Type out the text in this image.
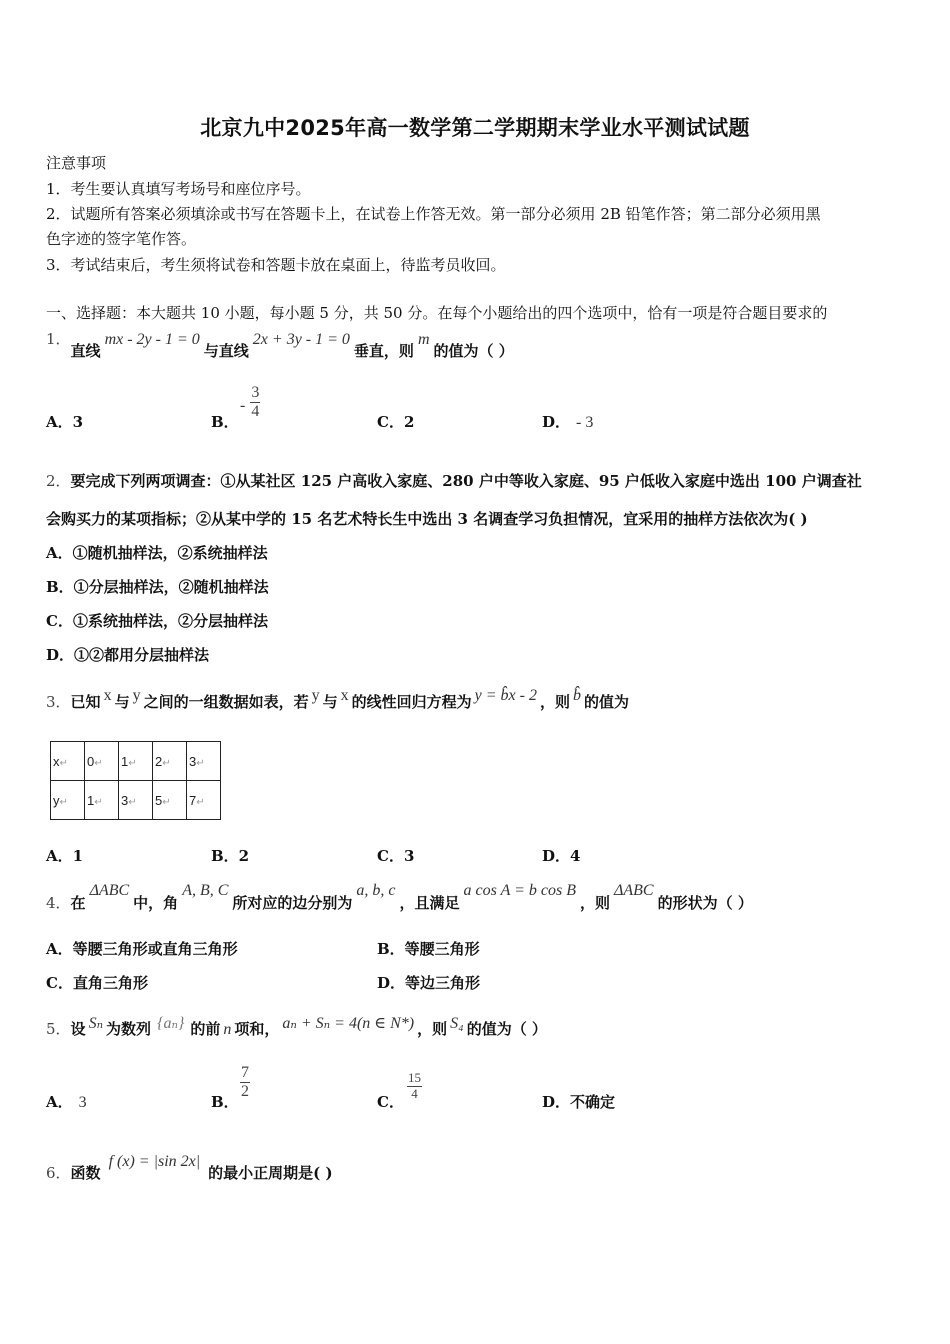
北京九中2025年高一数学第二学期期末学业水平测试试题
注意事项
1．考生要认真填写考场号和座位序号。
2．试题所有答案必须填涂或书写在答题卡上，在试卷上作答无效。第一部分必须用 2B 铅笔作答；第二部分必须用黑
色字迹的签字笔作答。
3．考试结束后，考生须将试卷和答题卡放在桌面上，待监考员收回。
一、选择题：本大题共 10 小题，每小题 5 分，共 50 分。在每个小题给出的四个选项中，恰有一项是符合题目要求的
1．直线mx - 2y - 1 = 0与直线2x + 3y - 1 = 0垂直，则m的值为（ ）
A．3	B．
- $\frac{3}{4}$
C．2	D． - 3
2．要完成下列两项调查：①从某社区 125 户高收入家庭、280 户中等收入家庭、95 户低收入家庭中选出 100 户调查社
会购买力的某项指标；②从某中学的 15 名艺术特长生中选出 3 名调查学习负担情况，宜采用的抽样方法依次为( )
A．①随机抽样法，②系统抽样法
B．①分层抽样法，②随机抽样法
C．①系统抽样法，②分层抽样法
D．①②都用分层抽样法
3．已知 x 与 y 之间的一组数据如表，若 y 与 x 的线性回归方程为 y = b̂x - 2 ，则 b̂ 的值为
x↵	0↵	1↵	2↵	3↵
y↵	1↵	3↵	5↵	7↵
A．1	B．2	C．3	D．4
4．在ΔABC中，角A, B, C所对应的边分别为a, b, c，且满足a cos A = b cos B，则ΔABC的形状为（ ）
A．等腰三角形或直角三角形	B．等腰三角形
C．直角三角形	D．等边三角形
5．设 Sₙ 为数列 {aₙ} 的前 n 项和， aₙ + Sₙ = 4(n ∈ N*) ，则 S₄ 的值为（ ）
A． 3	B．
$\frac{7}{2}$
C．
$\frac{15}{4}$
D．不确定
6．函数f (x) = |sin 2x|的最小正周期是( )
